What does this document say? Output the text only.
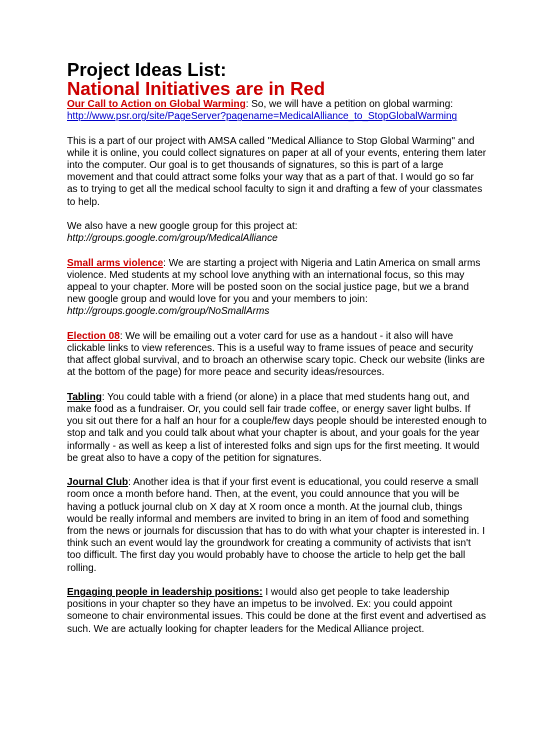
Project Ideas List:
National Initiatives are in Red

Our Call to Action on Global Warming: So, we will have a petition on global warming:
http://www.psr.org/site/PageServer?pagename=MedicalAlliance_to_StopGlobalWarming

This is a part of our project with AMSA called "Medical Alliance to Stop Global Warming" and while it is online, you could collect signatures on paper at all of your events, entering them later into the computer. Our goal is to get thousands of signatures, so this is part of a large movement and that could attract some folks your way that as a part of that. I would go so far as to trying to get all the medical school faculty to sign it and drafting a few of your classmates to help.

We also have a new google group for this project at:
http://groups.google.com/group/MedicalAlliance

Small arms violence: We are starting a project with Nigeria and Latin America on small arms violence. Med students at my school love anything with an international focus, so this may appeal to your chapter. More will be posted soon on the social justice page, but we a brand new google group and would love for you and your members to join:
http://groups.google.com/group/NoSmallArms

Election 08: We will be emailing out a voter card for use as a handout - it also will have clickable links to view references. This is a useful way to frame issues of peace and security that affect global survival, and to broach an otherwise scary topic. Check our website (links are at the bottom of the page) for more peace and security ideas/resources.

Tabling: You could table with a friend (or alone) in a place that med students hang out, and make food as a fundraiser. Or, you could sell fair trade coffee, or energy saver light bulbs. If you sit out there for a half an hour for a couple/few days people should be interested enough to stop and talk and you could talk about what your chapter is about, and your goals for the year informally - as well as keep a list of interested folks and sign ups for the first meeting. It would be great also to have a copy of the petition for signatures.

Journal Club: Another idea is that if your first event is educational, you could reserve a small room once a month before hand. Then, at the event, you could announce that you will be having a potluck journal club on X day at X room once a month. At the journal club, things would be really informal and members are invited to bring in an item of food and something from the news or journals for discussion that has to do with what your chapter is interested in. I think such an event would lay the groundwork for creating a community of activists that isn't too difficult. The first day you would probably have to choose the article to help get the ball rolling.

Engaging people in leadership positions: I would also get people to take leadership positions in your chapter so they have an impetus to be involved. Ex: you could appoint someone to chair environmental issues. This could be done at the first event and advertised as such. We are actually looking for chapter leaders for the Medical Alliance project.
